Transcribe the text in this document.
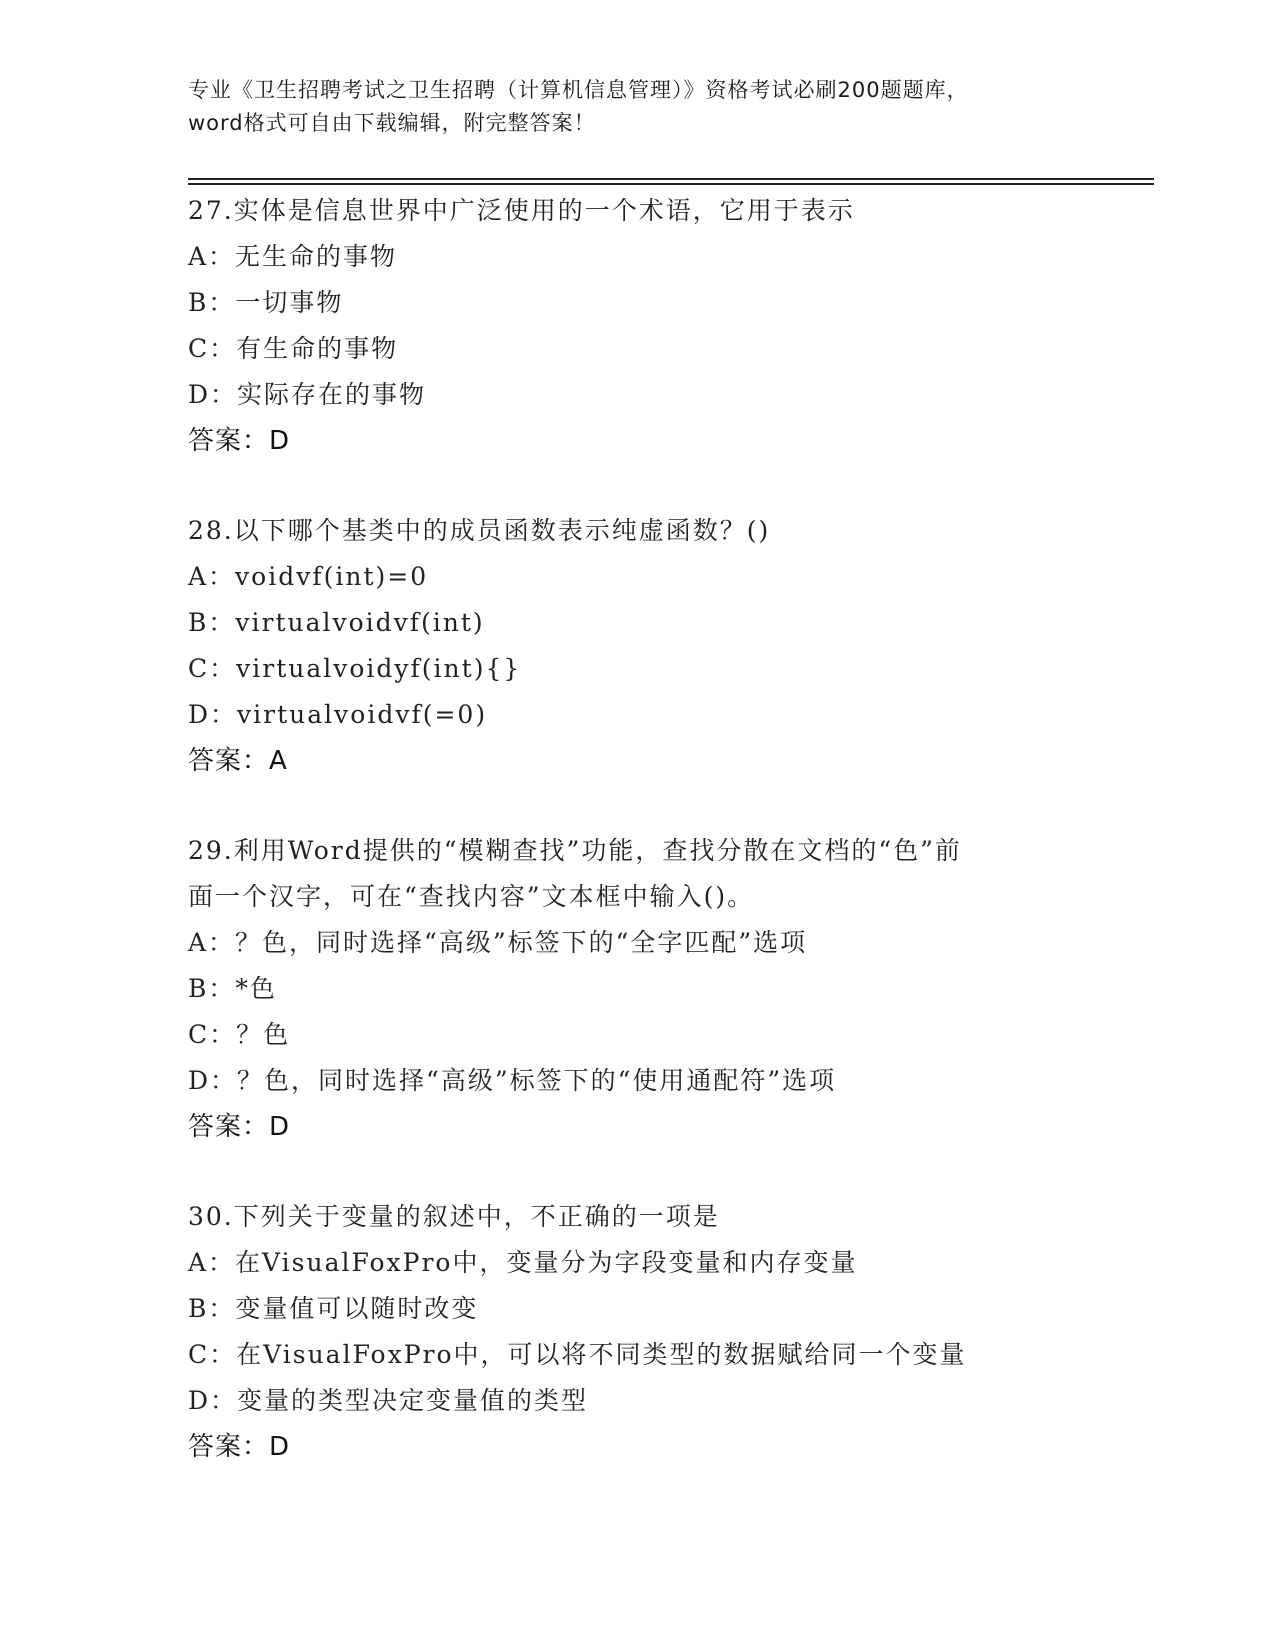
专业《卫生招聘考试之卫生招聘（计算机信息管理）》资格考试必刷200题题库，
word格式可自由下载编辑，附完整答案！
27.实体是信息世界中广泛使用的一个术语，它用于表示
A：无生命的事物
B：一切事物
C：有生命的事物
D：实际存在的事物
答案：D
28.以下哪个基类中的成员函数表示纯虚函数？()
A：voidvf(int)=0
B：virtualvoidvf(int)
C：virtualvoidyf(int){}
D：virtualvoidvf(=0)
答案：A
29.利用Word提供的“模糊查找”功能，查找分散在文档的“色”前
面一个汉字，可在“查找内容”文本框中输入()。
A：？色，同时选择“高级”标签下的“全字匹配”选项
B：*色
C：？色
D：？色，同时选择“高级”标签下的“使用通配符”选项
答案：D
30.下列关于变量的叙述中，不正确的一项是
A：在VisualFoxPro中，变量分为字段变量和内存变量
B：变量值可以随时改变
C：在VisualFoxPro中，可以将不同类型的数据赋给同一个变量
D：变量的类型决定变量值的类型
答案：D
